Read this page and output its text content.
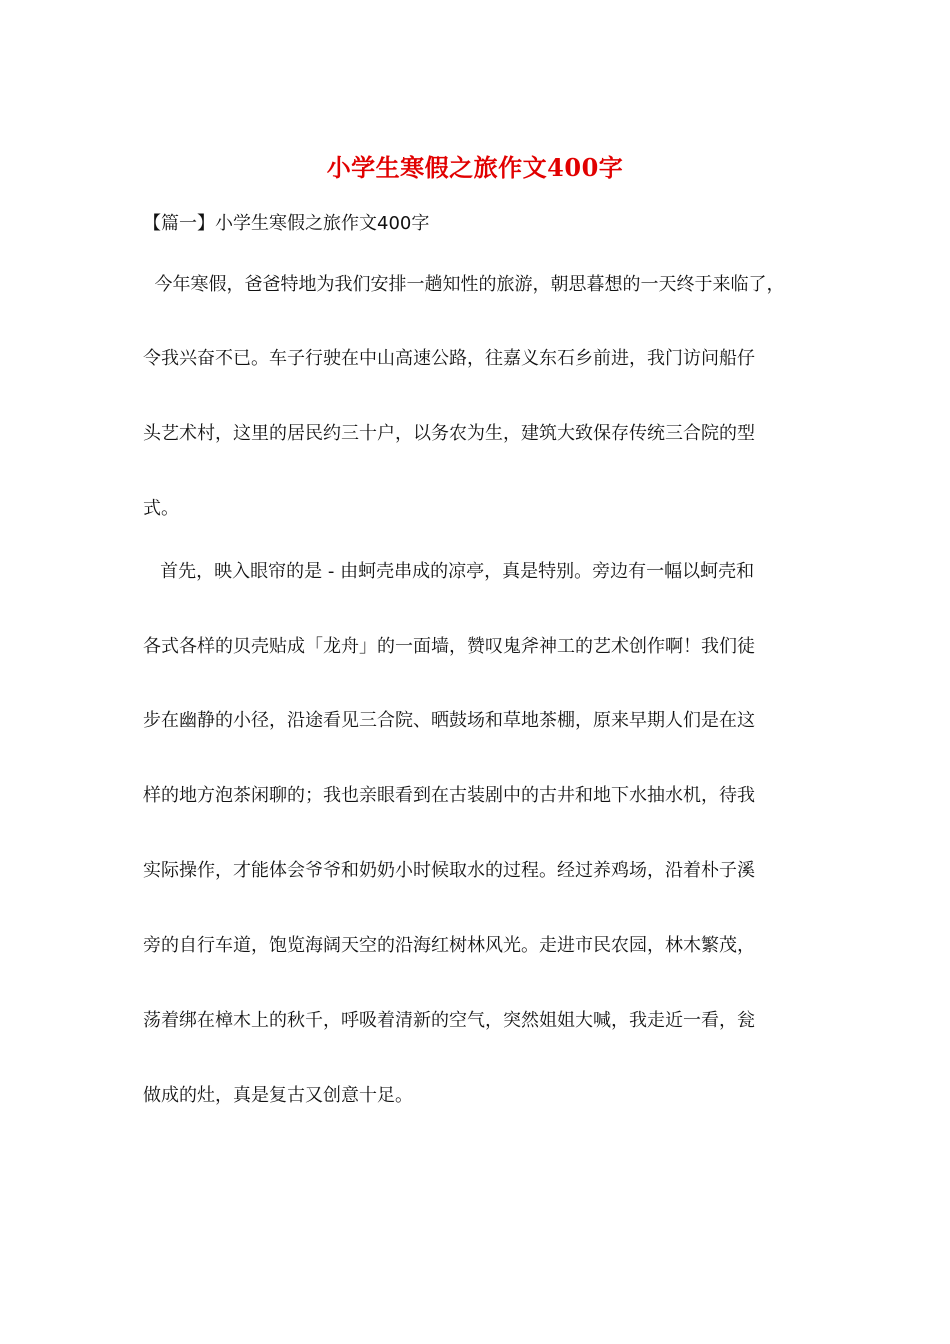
小学生寒假之旅作文400字
【篇一】小学生寒假之旅作文400字
今年寒假，爸爸特地为我们安排一趟知性的旅游，朝思暮想的一天终于来临了，
令我兴奋不已。车子行驶在中山高速公路，往嘉义东石乡前进，我门访问船仔
头艺术村，这里的居民约三十户，以务农为生，建筑大致保存传统三合院的型
式。
首先，映入眼帘的是 - 由蚵壳串成的凉亭，真是特别。旁边有一幅以蚵壳和
各式各样的贝壳贴成「龙舟」的一面墙，赞叹鬼斧神工的艺术创作啊！我们徒
步在幽静的小径，沿途看见三合院、晒鼓场和草地茶棚，原来早期人们是在这
样的地方泡茶闲聊的；我也亲眼看到在古装剧中的古井和地下水抽水机，待我
实际操作，才能体会爷爷和奶奶小时候取水的过程。经过养鸡场，沿着朴子溪
旁的自行车道，饱览海阔天空的沿海红树林风光。走进市民农园，林木繁茂，
荡着绑在樟木上的秋千，呼吸着清新的空气，突然姐姐大喊，我走近一看，瓮
做成的灶，真是复古又创意十足。
